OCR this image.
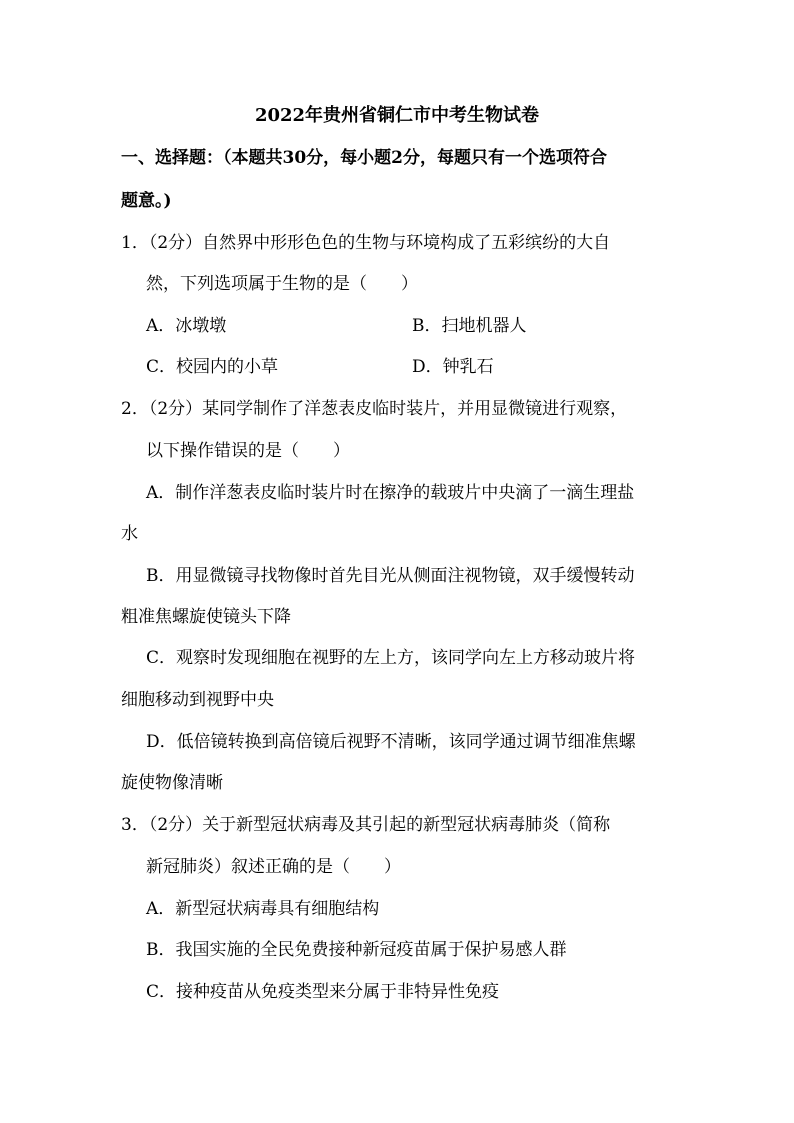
2022年贵州省铜仁市中考生物试卷
一、选择题：（本题共30分，每小题2分，每题只有一个选项符合
题意。)
1．（2分）自然界中形形色色的生物与环境构成了五彩缤纷的大自
然，下列选项属于生物的是（　　）
A．冰墩墩	B．扫地机器人
C．校园内的小草	D．钟乳石
2．（2分）某同学制作了洋葱表皮临时装片，并用显微镜进行观察，
以下操作错误的是（　　）
A．制作洋葱表皮临时装片时在擦净的载玻片中央滴了一滴生理盐
水
B．用显微镜寻找物像时首先目光从侧面注视物镜，双手缓慢转动
粗准焦螺旋使镜头下降
C．观察时发现细胞在视野的左上方，该同学向左上方移动玻片将
细胞移动到视野中央
D．低倍镜转换到高倍镜后视野不清晰，该同学通过调节细准焦螺
旋使物像清晰
3．（2分）关于新型冠状病毒及其引起的新型冠状病毒肺炎（简称
新冠肺炎）叙述正确的是（　　）
A．新型冠状病毒具有细胞结构
B．我国实施的全民免费接种新冠疫苗属于保护易感人群
C．接种疫苗从免疫类型来分属于非特异性免疫
